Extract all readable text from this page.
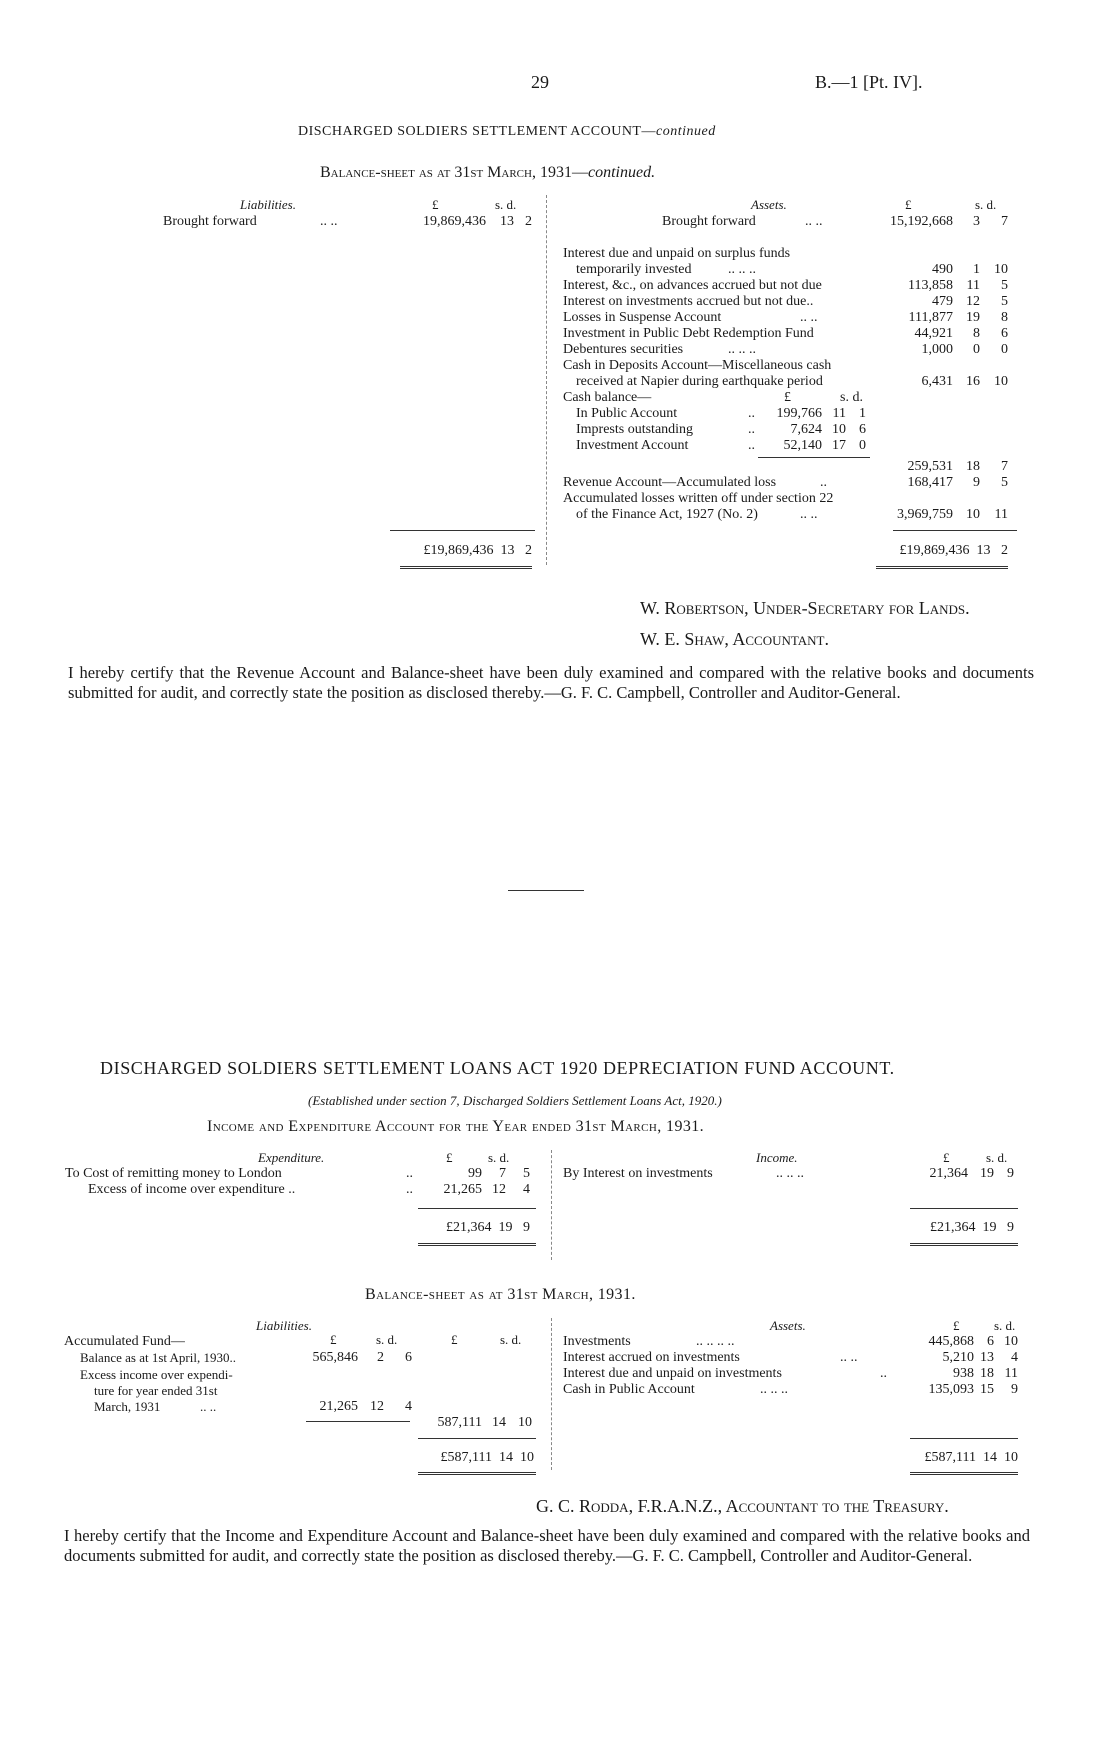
29	B.—1 [Pt. IV].
DISCHARGED SOLDIERS SETTLEMENT ACCOUNT—continued
Balance-sheet as at 31st March, 1931—continued.
Liabilities.	£	s. d.	Assets.	£	s. d.
Brought forward	.. ..	19,869,436 13 2	Brought forward	.. ..	15,192,668	3	7
Interest due and unpaid on surplus funds
temporarily invested	.. .. ..	490	1	10
Interest, &c., on advances accrued but not due	113,858 11	5
Interest on investments accrued but not due..	479 12	5
Losses in Suspense Account	.. ..	111,877 19	8
Investment in Public Debt Redemption Fund	44,921	8	6
Debentures securities	.. .. ..	1,000	0	0
Cash in Deposits Account—Miscellaneous cash
received at Napier during earthquake period	6,431 16	10
Cash balance—	£	s. d.
In Public Account	..	199,766 11 1
Imprests outstanding	..	7,624 10 6
Investment Account	..	52,140 17 0
259,531 18	7
Revenue Account—Accumulated loss	..	168,417	9	5
Accumulated losses written off under section 22
of the Finance Act, 1927 (No. 2)	.. ..	3,969,759 10	11
£19,869,436  13   2	£19,869,436  13   2
W. Robertson, Under-Secretary for Lands.
W. E. Shaw, Accountant.
I hereby certify that the Revenue Account and Balance-sheet have been duly examined and compared with the relative books and documents submitted for audit, and correctly state the position as disclosed thereby.—G. F. C. Campbell, Controller and Auditor-General.
DISCHARGED SOLDIERS SETTLEMENT LOANS ACT 1920 DEPRECIATION FUND ACCOUNT.
(Established under section 7, Discharged Soldiers Settlement Loans Act, 1920.)
Income and Expenditure Account for the Year ended 31st March, 1931.
Expenditure.	£	s. d.	Income.	£	s. d.
To Cost of remitting money to London	..	99	7	5
Excess of income over expenditure ..	..	21,265 12	4
By Interest on investments	.. .. ..	21,364 19 9
£21,364  19   9	£21,364  19   9
Balance-sheet as at 31st March, 1931.
Liabilities.	Assets.
£	s. d.	£	s. d.
£	s. d.
Accumulated Fund—
Balance as at 1st April, 1930..	565,846	2	6
Excess income over expendi-
ture for year ended 31st
March, 1931	.. ..	21,265 12	4
587,111 14 10
Investments	.. .. .. ..	445,868 6 10
Interest accrued on investments	.. ..	5,210 13	4
Interest due and unpaid on investments	..	938 18 11
Cash in Public Account	.. .. ..	135,093 15	9
£587,111  14  10	£587,111  14  10
G. C. Rodda, F.R.A.N.Z., Accountant to the Treasury.
I hereby certify that the Income and Expenditure Account and Balance-sheet have been duly examined and compared with the relative books and documents submitted for audit, and correctly state the position as disclosed thereby.—G. F. C. Campbell, Controller and Auditor-General.
